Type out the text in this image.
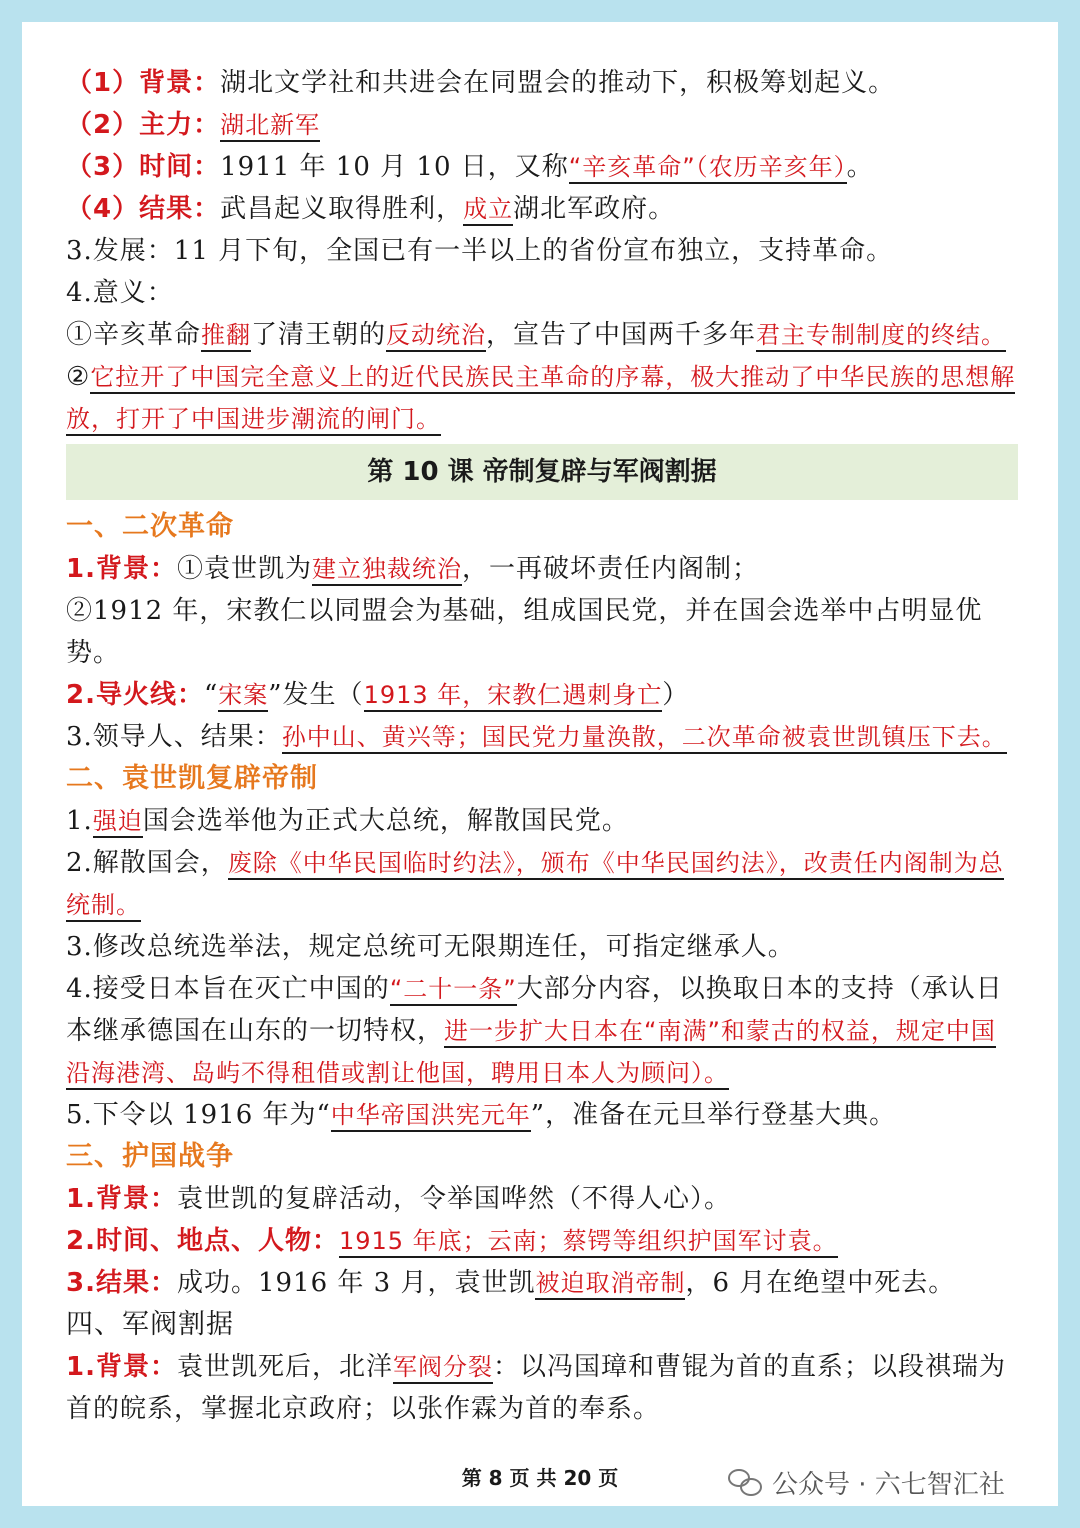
（1）背景：湖北文学社和共进会在同盟会的推动下，积极筹划起义。
（2）主力：湖北新军
（3）时间：1911 年 10 月 10 日，又称“辛亥革命”（农历辛亥年）。
（4）结果：武昌起义取得胜利，成立湖北军政府。
3.发展：11 月下旬，全国已有一半以上的省份宣布独立，支持革命。
4.意义：
①辛亥革命推翻了清王朝的反动统治，宣告了中国两千多年君主专制制度的终结。
②它拉开了中国完全意义上的近代民族民主革命的序幕，极大推动了中华民族的思想解放，打开了中国进步潮流的闸门。
第 10 课 帝制复辟与军阀割据
一、二次革命
1.背景：①袁世凯为建立独裁统治，一再破坏责任内阁制；
②1912 年，宋教仁以同盟会为基础，组成国民党，并在国会选举中占明显优势。
2.导火线：“宋案”发生（1913 年，宋教仁遇刺身亡）
3.领导人、结果：孙中山、黄兴等；国民党力量涣散，二次革命被袁世凯镇压下去。
二、袁世凯复辟帝制
1.强迫国会选举他为正式大总统，解散国民党。
2.解散国会，废除《中华民国临时约法》，颁布《中华民国约法》，改责任内阁制为总统制。
3.修改总统选举法，规定总统可无限期连任，可指定继承人。
4.接受日本旨在灭亡中国的“二十一条”大部分内容，以换取日本的支持（承认日本继承德国在山东的一切特权，进一步扩大日本在“南满”和蒙古的权益，规定中国沿海港湾、岛屿不得租借或割让他国，聘用日本人为顾问）。
5.下令以 1916 年为“中华帝国洪宪元年”，准备在元旦举行登基大典。
三、护国战争
1.背景：袁世凯的复辟活动，令举国哗然（不得人心）。
2.时间、地点、人物：1915 年底；云南；蔡锷等组织护国军讨袁。
3.结果：成功。1916 年 3 月，袁世凯被迫取消帝制，6 月在绝望中死去。
四、军阀割据
1.背景：袁世凯死后，北洋军阀分裂：以冯国璋和曹锟为首的直系；以段祺瑞为首的皖系，掌握北京政府；以张作霖为首的奉系。
第 8 页 共 20 页	公众号 · 六七智汇社
